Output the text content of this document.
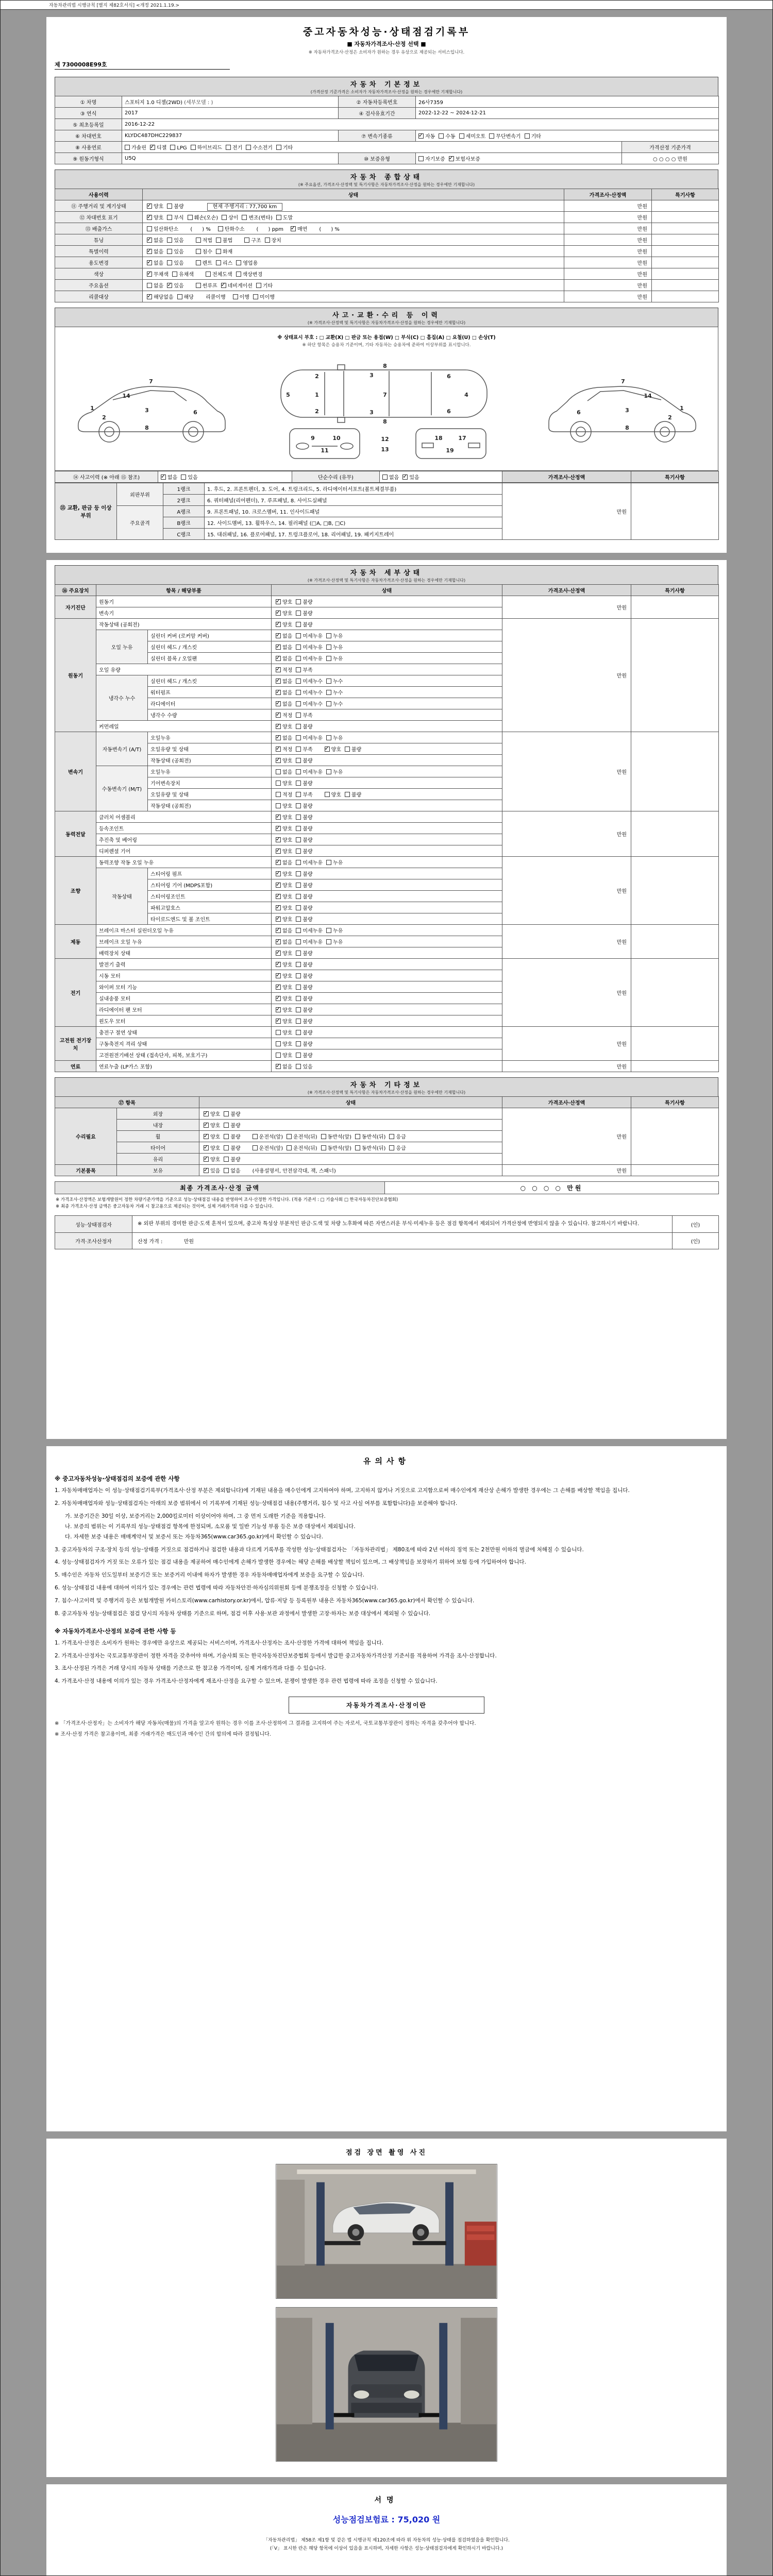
자동차관리법 시행규칙 [별지 제82호서식] <개정 2021.1.19.>
중고자동차성능·상태점검기록부
■ 자동차가격조사·산정 선택 ■
※ 자동차가격조사·산정은 소비자가 원하는 경우 유상으로 제공되는 서비스입니다.
제 7300008E99호
자동차 기본정보
(가격산정 기준가격은 소비자가 자동차가격조사·산정을 원하는 경우에만 기재합니다)
① 차명	스포티지 1.0 디젤(2WD) (세부모델 : )	② 자동차등록번호	26사7359	
③ 연식	2017	④ 검사유효기간	2022-12-22 ~ 2024-12-21	
⑤ 최초등록일	2016-12-22			
⑥ 차대번호	KLYDC487DHC229837	⑦ 변속기종류	✓자동 수동 세미오토 무단변속기 기타
⑧ 사용연료	가솔린 ✓ 디젤 LPG 하이브리드 전기 수소전기 기타			가격산정 기준가격
⑨ 원동기형식	U5Q	⑩ 보증유형	자기보증 ✓ 보험사보증	○ ○ ○ ○ 만원
자동차 종합상태
(※ 주요옵션, 가격조사·산정액 및 특기사항은 자동차가격조사·산정을 원하는 경우에만 기재합니다)
사용이력	상태	가격조사·산정액	특기사항
⑪ 주행거리 및 계기상태	✓양호 불량 현재 주행거리 : 77,700 km	만원	
⑫ 차대번호 표기	✓양호 부식 훼손(오손) 상이 변조(변타) 도말	만원	
⑬ 배출가스	일산화탄소 (      ) % 탄화수소 (      ) ppm ✓ 매연 (      ) %	만원	
튜닝	✓없음 있음 적법 불법 구조 장치	만원	
특별이력	✓없음 있음 침수 화재	만원	
용도변경	✓없음 있음 렌트 리스 영업용	만원	
색상	✓무채색 유채색 전체도색 색상변경	만원	
주요옵션	없음 ✓ 있음 썬루프 ✓ 네비게이션 기타	만원	
리콜대상	✓해당없음 해당 리콜이행 이행 미이행	만원	
사고·교환·수리 등 이력
(※ 가격조사·산정액 및 특기사항은 자동차가격조사·산정을 원하는 경우에만 기재합니다)
※ 상태표시 부호 : □ 교환(X) □ 판금 또는 용접(W) □ 부식(C) □ 흠집(A) □ 요철(U) □ 손상(T)
※ 하단 항목은 승용차 기준이며, 기타 자동차는 승용차에 준하여 이상부위를 표시합니다.
1
2
3	6
7
8
14	5	1	7	4
2	3	6
8
2	3	6
8
9	10
11
18	17
19
12
13
1
2
3
6
7
8
14
⑭ 사고이력 (※ 아래 ⑮ 참조)	✓없음 있음	단순수리 (유무)	없음 ✓ 있음	가격조사·산정액	특기사항
⑮ 교환, 판금 등 이상 부위	외판부위	1랭크	1. 후드, 2. 프론트펜더, 3. 도어, 4. 트렁크리드, 5. 라디에이터서포트(볼트체결부품)	만원	
		2랭크	6. 쿼터패널(리어펜더), 7. 루프패널, 8. 사이드실패널		
	주요골격	A랭크	9. 프론트패널, 10. 크로스멤버, 11. 인사이드패널		
		B랭크	12. 사이드멤버, 13. 휠하우스, 14. 필러패널 (□A, □B, □C)		
		C랭크	15. 대쉬패널, 16. 플로어패널, 17. 트렁크플로어, 18. 리어패널, 19. 패키지트레이		
자동차 세부상태
(※ 가격조사·산정액 및 특기사항은 자동차가격조사·산정을 원하는 경우에만 기재합니다)
⑯ 주요장치	항목 / 해당부품		상태	가격조사·산정액	특기사항
자기진단	원동기	✓양호 불량	만원	
	변속기	✓양호 불량
원동기	작동상태 (공회전)	✓양호 불량	만원	
	오일 누유	실린더 커버 (로커암 커버)	✓없음 미세누유 누유
		실린더 헤드 / 개스킷	✓없음 미세누유 누유
		실린더 블록 / 오일팬	✓없음 미세누유 누유
	오일 유량	✓적정 부족
	냉각수 누수	실린더 헤드 / 개스킷	✓없음 미세누수 누수
		워터펌프	✓없음 미세누수 누수
		라디에이터	✓없음 미세누수 누수
		냉각수 수량	✓적정 부족
	커먼레일	✓양호 불량
변속기	자동변속기 (A/T)	오일누유	✓없음 미세누유 누유	만원	
		오일유량 및 상태	✓적정 부족 ✓ 양호 불량
		작동상태 (공회전)	✓양호 불량
	수동변속기 (M/T)	오일누유	없음 미세누유 누유		
		기어변속장치	양호 불량		
		오일유량 및 상태	적정 부족 양호 불량		
		작동상태 (공회전)	양호 불량		
동력전달	클러치 어셈블리	✓양호 불량	만원	
	등속조인트	✓양호 불량
	추진축 및 베어링	✓양호 불량
	디퍼렌셜 기어	✓양호 불량
조향	동력조향 작동 오일 누유	✓없음 미세누유 누유	만원	
	작동상태	스티어링 펌프	✓양호 불량
		스티어링 기어 (MDPS포함)	✓양호 불량
		스티어링조인트	✓양호 불량
		파워고압호스	✓양호 불량
		타이로드엔드 및 볼 조인트	✓양호 불량
제동	브레이크 마스터 실린더오일 누유	✓없음 미세누유 누유	만원	
	브레이크 오일 누유	✓없음 미세누유 누유
	배력장치 상태	✓양호 불량
전기	발전기 출력	✓양호 불량	만원	
	시동 모터	✓양호 불량
	와이퍼 모터 기능	✓양호 불량
	실내송풍 모터	✓양호 불량
	라디에이터 팬 모터	✓양호 불량
	윈도우 모터	✓양호 불량
고전원 전기장치	충전구 절연 상태		양호 불량	만원	
	구동축전지 격리 상태		양호 불량		
	고전원전기배선 상태 (접속단자, 피복, 보호기구)		양호 불량		
연료	연료누출 (LP가스 포함)	✓없음 있음	만원	
자동차 기타정보
(※ 가격조사·산정액 및 특기사항은 자동차가격조사·산정을 원하는 경우에만 기재합니다)
⑰ 항목		상태	가격조사·산정액	특기사항
수리필요	외장	✓양호 불량	만원	
	내장	✓양호 불량
	휠	✓양호 불량 운전석(앞) 운전석(뒤) 동반석(앞) 동반석(뒤) 응급
	타이어	✓양호 불량 운전석(앞) 운전석(뒤) 동반석(앞) 동반석(뒤) 응급
	유리	✓양호 불량
기본품목	보유	✓있음 없음 (사용설명서, 안전삼각대, 잭, 스패너)	만원	
최종 가격조사·산정 금액	○ ○ ○ ○ 만원
※ 가격조사·산정액은 보험개발원이 정한 차량기준가액을 기준으로 성능·상태점검 내용을 반영하여 조사·산정한 가격입니다. (적용 기준서 : □ 기술사회 □ 한국자동차진단보증협회)
※ 최종 가격조사·산정 금액은 중고자동차 거래 시 참고용으로 제공되는 것이며, 실제 거래가격과 다를 수 있습니다.
성능·상태점검자	※ 외판 부위의 경미한 판금·도색 흔적이 있으며, 중고차 특성상 부분적인 판금·도색 및 차량 노후화에 따른 자연스러운 부식·미세누유 등은 점검 항목에서 제외되어 가격산정에 반영되지 않을 수 있습니다. 참고하시기 바랍니다.	(인)
가격·조사산정자	산정 가격 :             만원	(인)
유의사항
※ 중고자동차성능·상태점검의 보증에 관한 사항
1. 자동차매매업자는 이 성능·상태점검기록부(가격조사·산정 부분은 제외합니다)에 기재된 내용을 매수인에게 고지하여야 하며, 고지하지 않거나 거짓으로 고지함으로써 매수인에게 재산상 손해가 발생한 경우에는 그 손해를 배상할 책임을 집니다.
2. 자동차매매업자와 성능·상태점검자는 아래의 보증 범위에서 이 기록부에 기재된 성능·상태점검 내용(주행거리, 침수 및 사고 사실 여부를 포함합니다)을 보증해야 합니다.
가. 보증기간은 30일 이상, 보증거리는 2,000킬로미터 이상이어야 하며, 그 중 먼저 도래한 기준을 적용합니다.
나. 보증의 범위는 이 기록부의 성능·상태점검 항목에 한정되며, 소모품 및 일반 기능성 부품 등은 보증 대상에서 제외됩니다.
다. 자세한 보증 내용은 매매계약서 및 보증서 또는 자동차365(www.car365.go.kr)에서 확인할 수 있습니다.
3. 중고자동차의 구조·장치 등의 성능·상태를 거짓으로 점검하거나 점검한 내용과 다르게 기록부를 작성한 성능·상태점검자는 「자동차관리법」 제80조에 따라 2년 이하의 징역 또는 2천만원 이하의 벌금에 처해질 수 있습니다.
4. 성능·상태점검자가 거짓 또는 오류가 있는 점검 내용을 제공하여 매수인에게 손해가 발생한 경우에는 해당 손해를 배상할 책임이 있으며, 그 배상책임을 보장하기 위하여 보험 등에 가입하여야 합니다.
5. 매수인은 자동차 인도일부터 보증기간 또는 보증거리 이내에 하자가 발생한 경우 자동차매매업자에게 보증을 요구할 수 있습니다.
6. 성능·상태점검 내용에 대하여 이의가 있는 경우에는 관련 법령에 따라 자동차안전·하자심의위원회 등에 분쟁조정을 신청할 수 있습니다.
7. 침수·사고이력 및 주행거리 등은 보험개발원 카히스토리(www.carhistory.or.kr)에서, 압류·저당 등 등록원부 내용은 자동차365(www.car365.go.kr)에서 확인할 수 있습니다.
8. 중고자동차 성능·상태점검은 점검 당시의 자동차 상태를 기준으로 하며, 점검 이후 사용·보관 과정에서 발생한 고장·하자는 보증 대상에서 제외될 수 있습니다.
※ 자동차가격조사·산정의 보증에 관한 사항 등
1. 가격조사·산정은 소비자가 원하는 경우에만 유상으로 제공되는 서비스이며, 가격조사·산정자는 조사·산정한 가격에 대하여 책임을 집니다.
2. 가격조사·산정자는 국토교통부장관이 정한 자격을 갖추어야 하며, 기술사회 또는 한국자동차진단보증협회 등에서 발급한 중고자동차가격산정 기준서를 적용하여 가격을 조사·산정합니다.
3. 조사·산정된 가격은 거래 당시의 자동차 상태를 기준으로 한 참고용 가격이며, 실제 거래가격과 다를 수 있습니다.
4. 가격조사·산정 내용에 이의가 있는 경우 가격조사·산정자에게 재조사·산정을 요구할 수 있으며, 분쟁이 발생한 경우 관련 법령에 따라 조정을 신청할 수 있습니다.
자동차가격조사·산정이란
※ 「가격조사·산정자」는 소비자가 해당 자동차(매물)의 가격을 알고자 원하는 경우 이를 조사·산정하여 그 결과를 고지하여 주는 자로서, 국토교통부장관이 정하는 자격을 갖추어야 합니다.
※ 조사·산정 가격은 참고용이며, 최종 거래가격은 매도인과 매수인 간의 합의에 따라 결정됩니다.
점검 장면 촬영 사진
서명
성능점검보험료 : 75,020 원
「자동차관리법」 제58조 제1항 및 같은 법 시행규칙 제120조에 따라 위 자동차의 성능·상태를 점검하였음을 확인합니다.
(「V」 표시한 란은 해당 항목에 이상이 있음을 표시하며, 자세한 사항은 성능·상태점검자에게 확인하시기 바랍니다.)
